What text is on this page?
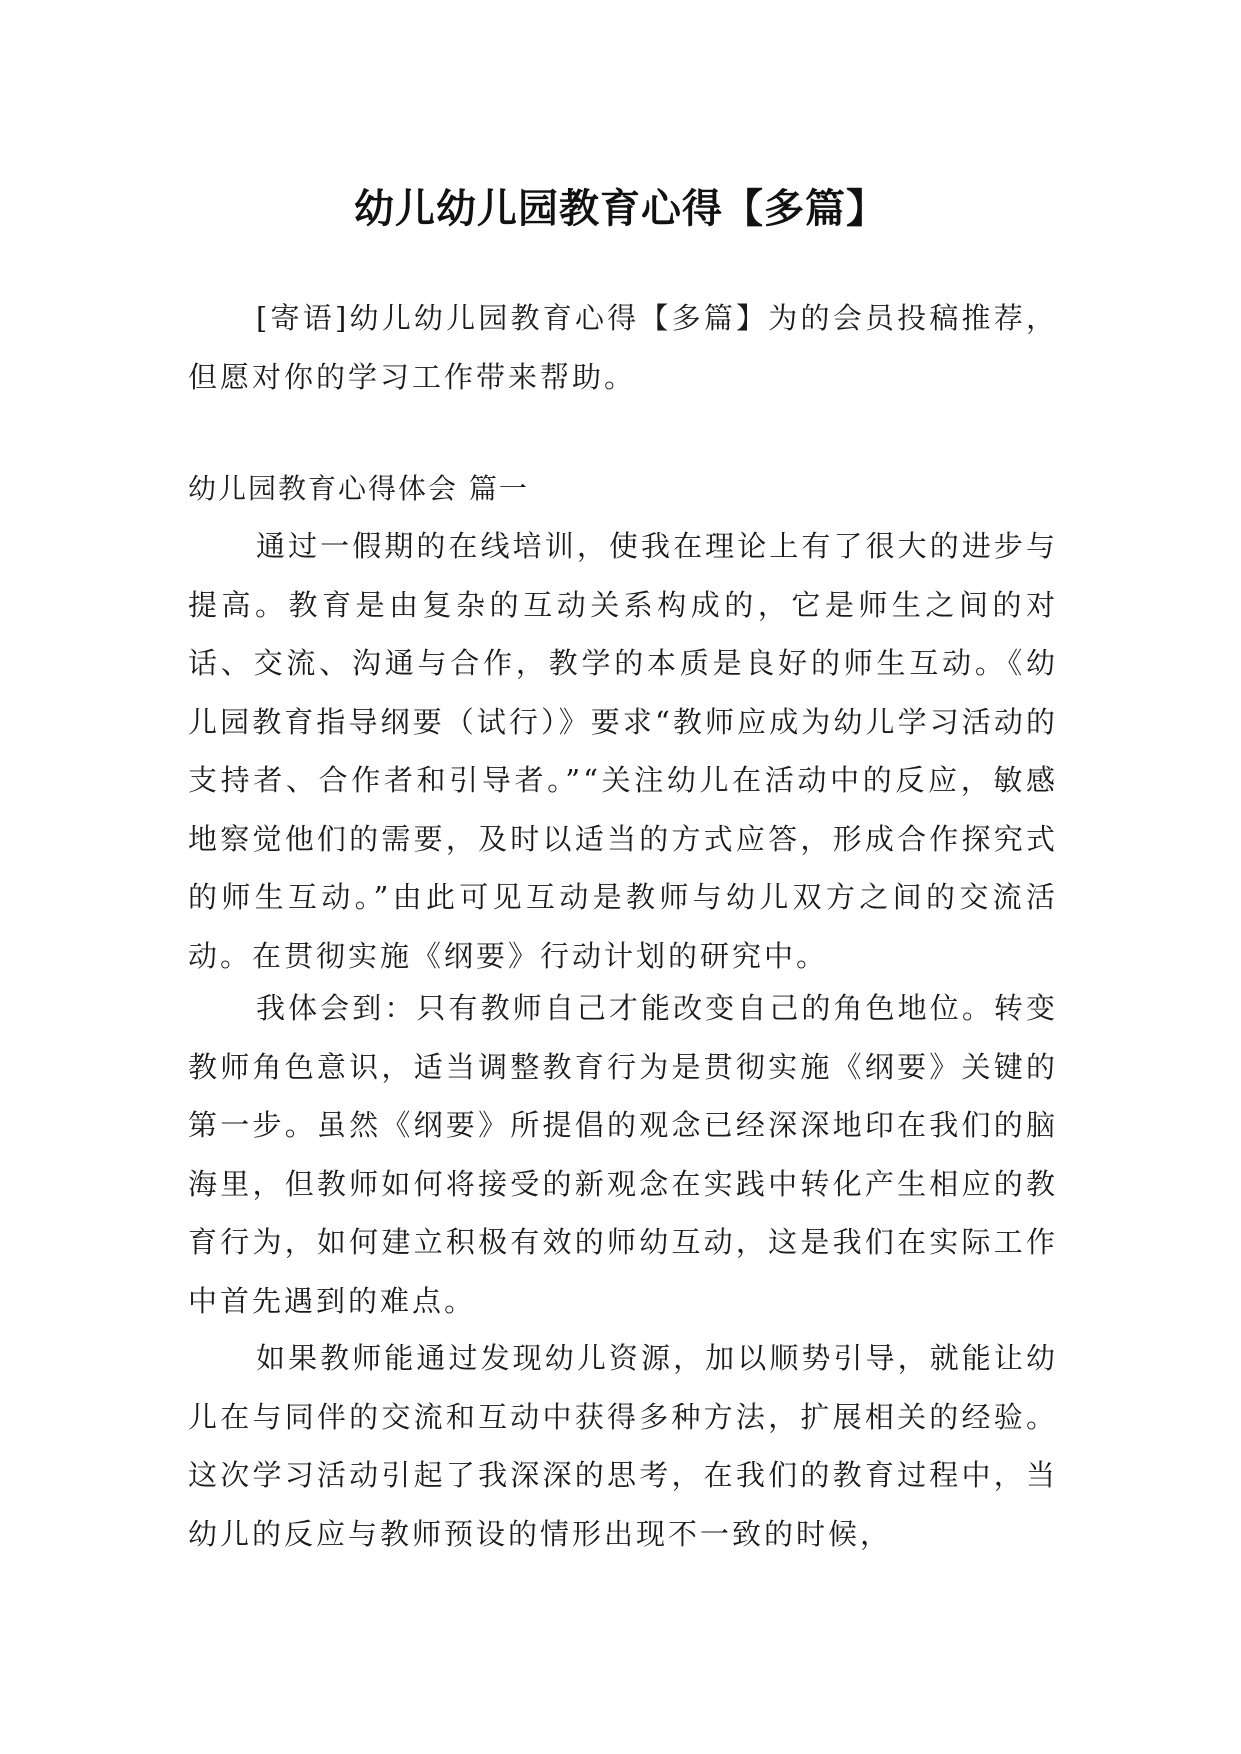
幼儿幼儿园教育心得【多篇】

[寄语]幼儿幼儿园教育心得【多篇】为的会员投稿推荐，但愿对你的学习工作带来帮助。

幼儿园教育心得体会 篇一

通过一假期的在线培训，使我在理论上有了很大的进步与提高。教育是由复杂的互动关系构成的，它是师生之间的对话、交流、沟通与合作，教学的本质是良好的师生互动。《幼儿园教育指导纲要（试行）》要求“教师应成为幼儿学习活动的支持者、合作者和引导者。”“关注幼儿在活动中的反应，敏感地察觉他们的需要，及时以适当的方式应答，形成合作探究式的师生互动。”由此可见互动是教师与幼儿双方之间的交流活动。在贯彻实施《纲要》行动计划的研究中。

我体会到：只有教师自己才能改变自己的角色地位。转变教师角色意识，适当调整教育行为是贯彻实施《纲要》关键的第一步。虽然《纲要》所提倡的观念已经深深地印在我们的脑海里，但教师如何将接受的新观念在实践中转化产生相应的教育行为，如何建立积极有效的师幼互动，这是我们在实际工作中首先遇到的难点。

如果教师能通过发现幼儿资源，加以顺势引导，就能让幼儿在与同伴的交流和互动中获得多种方法，扩展相关的经验。 这次学习活动引起了我深深的思考，在我们的教育过程中，当幼儿的反应与教师预设的情形出现不一致的时候，
